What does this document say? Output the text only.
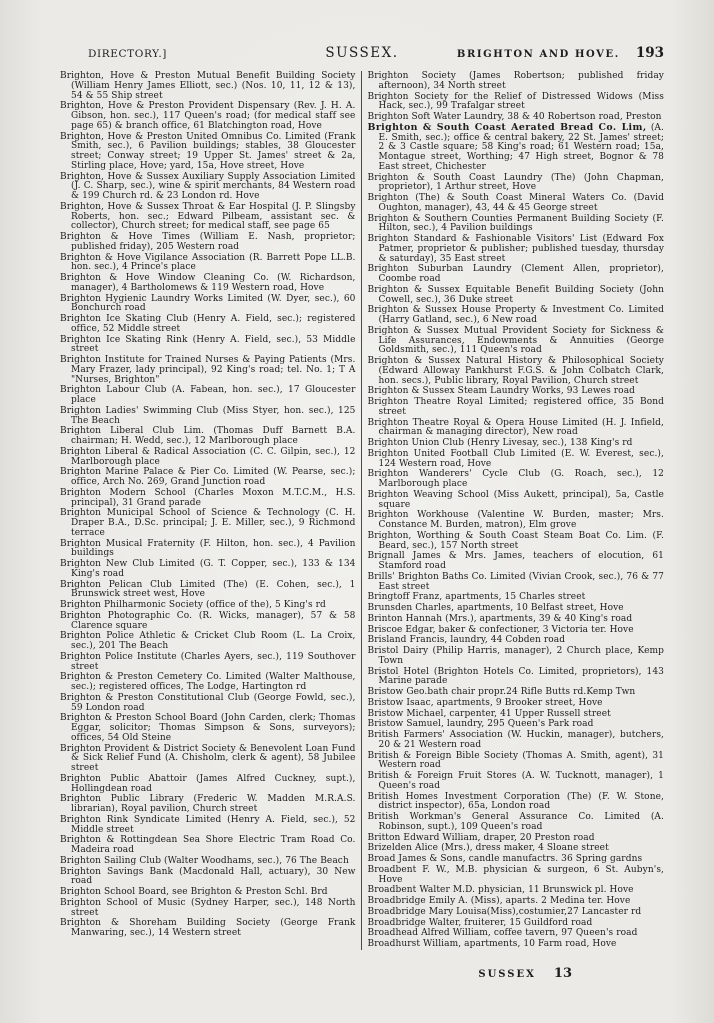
DIRECTORY.]	SUSSEX.	BRIGHTON AND HOVE. 193

Brighton, Hove & Preston Mutual Benefit Building Society (William Henry James Elliott, sec.) (Nos. 10, 11, 12 & 13), 54 & 55 Ship street

Brighton, Hove & Preston Provident Dispensary (Rev. J. H. A. Gibson, hon. sec.), 117 Queen's road; (for medical staff see page 65) & branch office, 61 Blatchington road, Hove

Brighton, Hove & Preston United Omnibus Co. Limited (Frank Smith, sec.), 6 Pavilion buildings; stables, 38 Gloucester street; Conway street; 19 Upper St. James' street & 2a, Stirling place, Hove; yard, 15a, Hove street, Hove

Brighton, Hove & Sussex Auxiliary Supply Association Limited (J. C. Sharp, sec.), wine & spirit merchants, 84 Western road & 199 Church rd. & 23 London rd. Hove

Brighton, Hove & Sussex Throat & Ear Hospital (J. P. Slingsby Roberts, hon. sec.; Edward Pilbeam, assistant sec. & collector), Church street; for medical staff, see page 65

Brighton & Hove Times (William E. Nash, proprietor; published friday), 205 Western road

Brighton & Hove Vigilance Association (R. Barrett Pope LL.B. hon. sec.), 4 Prince's place

Brighton & Hove Window Cleaning Co. (W. Richardson, manager), 4 Bartholomews & 119 Western road, Hove

Brighton Hygienic Laundry Works Limited (W. Dyer, sec.), 60 Bonchurch road

Brighton Ice Skating Club (Henry A. Field, sec.); registered office, 52 Middle street

Brighton Ice Skating Rink (Henry A. Field, sec.), 53 Middle street

Brighton Institute for Trained Nurses & Paying Patients (Mrs. Mary Frazer, lady principal), 92 King's road; tel. No. 1; T A "Nurses, Brighton"

Brighton Labour Club (A. Fabean, hon. sec.), 17 Gloucester place

Brighton Ladies' Swimming Club (Miss Styer, hon. sec.), 125 The Beach

Brighton Liberal Club Lim. (Thomas Duff Barnett B.A. chairman; H. Wedd, sec.), 12 Marlborough place

Brighton Liberal & Radical Association (C. C. Gilpin, sec.), 12 Marlborough place

Brighton Marine Palace & Pier Co. Limited (W. Pearse, sec.); office, Arch No. 269, Grand Junction road

Brighton Modern School (Charles Moxon M.T.C.M., H.S. principal), 31 Grand parade

Brighton Municipal School of Science & Technology (C. H. Draper B.A., D.Sc. principal; J. E. Miller, sec.), 9 Richmond terrace

Brighton Musical Fraternity (F. Hilton, hon. sec.), 4 Pavilion buildings

Brighton New Club Limited (G. T. Copper, sec.), 133 & 134 King's road

Brighton Pelican Club Limited (The) (E. Cohen, sec.), 1 Brunswick street west, Hove

Brighton Philharmonic Society (office of the), 5 King's rd

Brighton Photographic Co. (R. Wicks, manager), 57 & 58 Clarence square

Brighton Police Athletic & Cricket Club Room (L. La Croix, sec.), 201 The Beach

Brighton Police Institute (Charles Ayers, sec.), 119 Southover street

Brighton & Preston Cemetery Co. Limited (Walter Malthouse, sec.); registered offices, The Lodge, Hartington rd

Brighton & Preston Constitutional Club (George Fowld, sec.), 59 London road

Brighton & Preston School Board (John Carden, clerk; Thomas Eggar, solicitor; Thomas Simpson & Sons, surveyors); offices, 54 Old Steine

Brighton Provident & District Society & Benevolent Loan Fund & Sick Relief Fund (A. Chisholm, clerk & agent), 58 Jubilee street

Brighton Public Abattoir (James Alfred Cuckney, supt.), Hollingdean road

Brighton Public Library (Frederic W. Madden M.R.A.S. librarian), Royal pavilion, Church street

Brighton Rink Syndicate Limited (Henry A. Field, sec.), 52 Middle street

Brighton & Rottingdean Sea Shore Electric Tram Road Co. Madeira road

Brighton Sailing Club (Walter Woodhams, sec.), 76 The Beach

Brighton Savings Bank (Macdonald Hall, actuary), 30 New road

Brighton School Board, see Brighton & Preston Schl. Brd

Brighton School of Music (Sydney Harper, sec.), 148 North street

Brighton & Shoreham Building Society (George Frank Manwaring, sec.), 14 Western street

Brighton Society (James Robertson; published friday afternoon), 34 North street

Brighton Society for the Relief of Distressed Widows (Miss Hack, sec.), 99 Trafalgar street

Brighton Soft Water Laundry, 38 & 40 Robertson road, Preston

Brighton & South Coast Aerated Bread Co. Lim, (A. E. Smith, sec.); office & central bakery, 22 St. James' street; 2 & 3 Castle square; 58 King's road; 61 Western road; 15a, Montague street, Worthing; 47 High street, Bognor & 78 East street, Chichester

Brighton & South Coast Laundry (The) (John Chapman, proprietor), 1 Arthur street, Hove

Brighton (The) & South Coast Mineral Waters Co. (David Oughton, manager), 43, 44 & 45 George street

Brighton & Southern Counties Permanent Building Society (F. Hilton, sec.), 4 Pavilion buildings

Brighton Standard & Fashionable Visitors' List (Edward Fox Patmer, proprietor & publisher; published tuesday, thursday & saturday), 35 East street

Brighton Suburban Laundry (Clement Allen, proprietor), Coombe road

Brighton & Sussex Equitable Benefit Building Society (John Cowell, sec.), 36 Duke street

Brighton & Sussex House Property & Investment Co. Limited (Harry Gatland, sec.), 6 New road

Brighton & Sussex Mutual Provident Society for Sickness & Life Assurances, Endowments & Annuities (George Goldsmith, sec.), 111 Queen's road

Brighton & Sussex Natural History & Philosophical Society (Edward Alloway Pankhurst F.G.S. & John Colbatch Clark, hon. secs.), Public library, Royal Pavilion, Church street

Brighton & Sussex Steam Laundry Works, 93 Lewes road

Brighton Theatre Royal Limited; registered office, 35 Bond street

Brighton Theatre Royal & Opera House Limited (H. J. Infield, chairman & managing director), New road

Brighton Union Club (Henry Livesay, sec.), 138 King's rd

Brighton United Football Club Limited (E. W. Everest, sec.), 124 Western road, Hove

Brighton Wanderers' Cycle Club (G. Roach, sec.), 12 Marlborough place

Brighton Weaving School (Miss Aukett, principal), 5a, Castle square

Brighton Workhouse (Valentine W. Burden, master; Mrs. Constance M. Burden, matron), Elm grove

Brighton, Worthing & South Coast Steam Boat Co. Lim. (F. Beard, sec.), 157 North street

Brignall James & Mrs. James, teachers of elocution, 61 Stamford road

Brills' Brighton Baths Co. Limited (Vivian Crook, sec.), 76 & 77 East street

Bringtoff Franz, apartments, 15 Charles street

Brunsden Charles, apartments, 10 Belfast street, Hove

Brinton Hannah (Mrs.), apartments, 39 & 40 King's road

Briscoe Edgar, baker & confectioner, 3 Victoria ter. Hove

Brisland Francis, laundry, 44 Cobden road

Bristol Dairy (Philip Harris, manager), 2 Church place, Kemp Town

Bristol Hotel (Brighton Hotels Co. Limited, proprietors), 143 Marine parade

Bristow Geo.bath chair propr.24 Rifle Butts rd.Kemp Twn

Bristow Isaac, apartments, 9 Brooker street, Hove

Bristow Michael, carpenter, 41 Upper Russell street

Bristow Samuel, laundry, 295 Queen's Park road

British Farmers' Association (W. Huckin, manager), butchers, 20 & 21 Western road

British & Foreign Bible Society (Thomas A. Smith, agent), 31 Western road

British & Foreign Fruit Stores (A. W. Tucknott, manager), 1 Queen's road

British Homes Investment Corporation (The) (F. W. Stone, district inspector), 65a, London road

British Workman's General Assurance Co. Limited (A. Robinson, supt.), 109 Queen's road

Britton Edward William, draper, 20 Preston road

Brizelden Alice (Mrs.), dress maker, 4 Sloane street

Broad James & Sons, candle manufactrs. 36 Spring gardns

Broadbent F. W., M.B. physician & surgeon, 6 St. Aubyn's, Hove

Broadbent Walter M.D. physician, 11 Brunswick pl. Hove

Broadbridge Emily A. (Miss), aparts. 2 Medina ter. Hove

Broadbridge Mary Louisa(Miss),costumier,27 Lancaster rd

Broadbridge Walter, fruiterer, 15 Guildford road

Broadhead Alfred William, coffee tavern, 97 Queen's road

Broadhurst William, apartments, 10 Farm road, Hove

SUSSEX 13
